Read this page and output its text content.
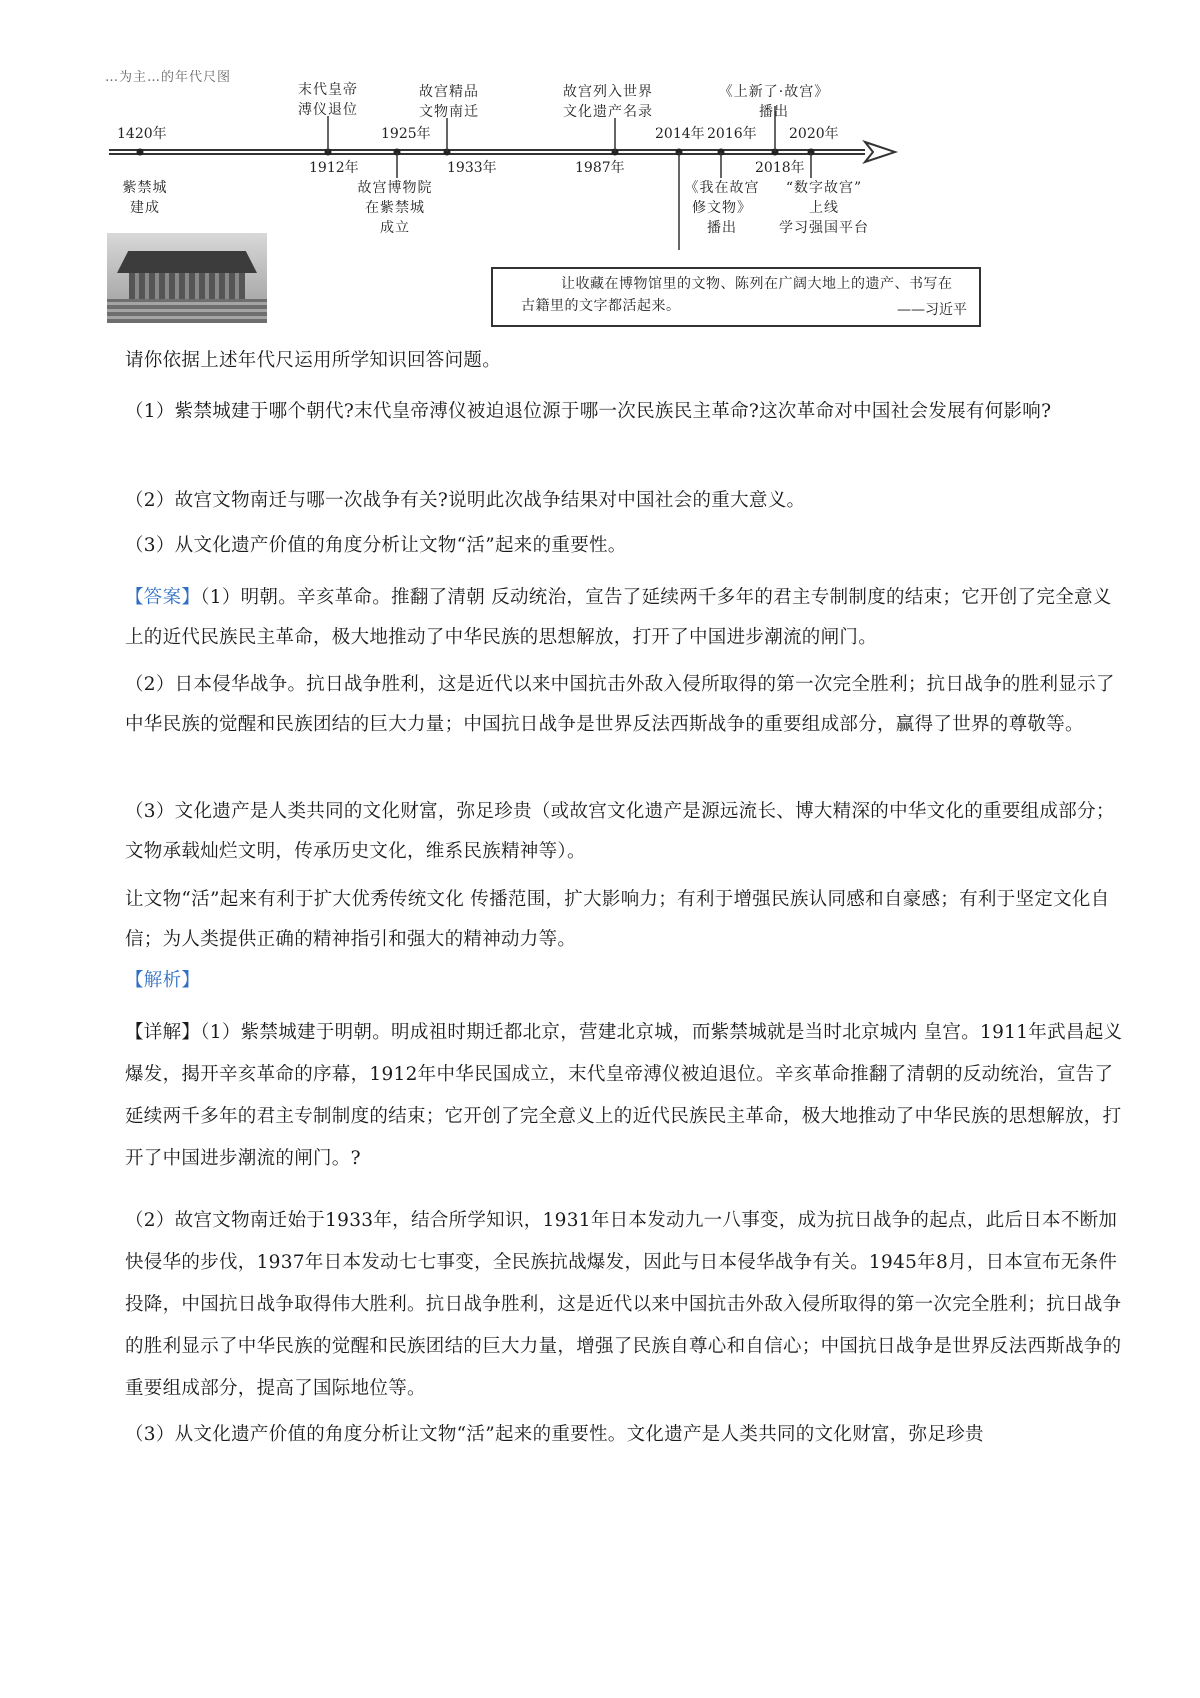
…为主…的年代尺图
1420年
紫禁城
建成
末代皇帝
溥仪退位
1912年
1925年
故宫博物院
在紫禁城
成立
故宫精品
文物南迁
1933年
故宫列入世界
文化遗产名录
1987年
2014年 2016年
《我在故宫
修文物》
播出
《上新了·故宫》
播出
2018年
2020年
“数字故宫”
上线
学习强国平台
让收藏在博物馆里的文物、陈列在广阔大地上的遗产、书写在古籍里的文字都活起来。	——习近平

请你依据上述年代尺运用所学知识回答问题。

（1）紫禁城建于哪个朝代?末代皇帝溥仪被迫退位源于哪一次民族民主革命?这次革命对中国社会发展有何影响?

（2）故宫文物南迁与哪一次战争有关?说明此次战争结果对中国社会的重大意义。

（3）从文化遗产价值的角度分析让文物“活”起来的重要性。

【答案】（1）明朝。辛亥革命。推翻了清朝 反动统治，宣告了延续两千多年的君主专制制度的结束；它开创了完全意义上的近代民族民主革命，极大地推动了中华民族的思想解放，打开了中国进步潮流的闸门。

（2）日本侵华战争。抗日战争胜利，这是近代以来中国抗击外敌入侵所取得的第一次完全胜利；抗日战争的胜利显示了中华民族的觉醒和民族团结的巨大力量；中国抗日战争是世界反法西斯战争的重要组成部分，赢得了世界的尊敬等。

（3）文化遗产是人类共同的文化财富，弥足珍贵（或故宫文化遗产是源远流长、博大精深的中华文化的重要组成部分；文物承载灿烂文明，传承历史文化，维系民族精神等）。

让文物“活”起来有利于扩大优秀传统文化 传播范围，扩大影响力；有利于增强民族认同感和自豪感；有利于坚定文化自信；为人类提供正确的精神指引和强大的精神动力等。

【解析】

【详解】（1）紫禁城建于明朝。明成祖时期迁都北京，营建北京城，而紫禁城就是当时北京城内 皇宫。1911年武昌起义爆发，揭开辛亥革命的序幕，1912年中华民国成立，末代皇帝溥仪被迫退位。辛亥革命推翻了清朝的反动统治，宣告了延续两千多年的君主专制制度的结束；它开创了完全意义上的近代民族民主革命，极大地推动了中华民族的思想解放，打开了中国进步潮流的闸门。?

（2）故宫文物南迁始于1933年，结合所学知识，1931年日本发动九一八事变，成为抗日战争的起点，此后日本不断加快侵华的步伐，1937年日本发动七七事变，全民族抗战爆发，因此与日本侵华战争有关。1945年8月，日本宣布无条件投降，中国抗日战争取得伟大胜利。抗日战争胜利，这是近代以来中国抗击外敌入侵所取得的第一次完全胜利；抗日战争的胜利显示了中华民族的觉醒和民族团结的巨大力量，增强了民族自尊心和自信心；中国抗日战争是世界反法西斯战争的重要组成部分，提高了国际地位等。

（3）从文化遗产价值的角度分析让文物“活”起来的重要性。文化遗产是人类共同的文化财富，弥足珍贵
